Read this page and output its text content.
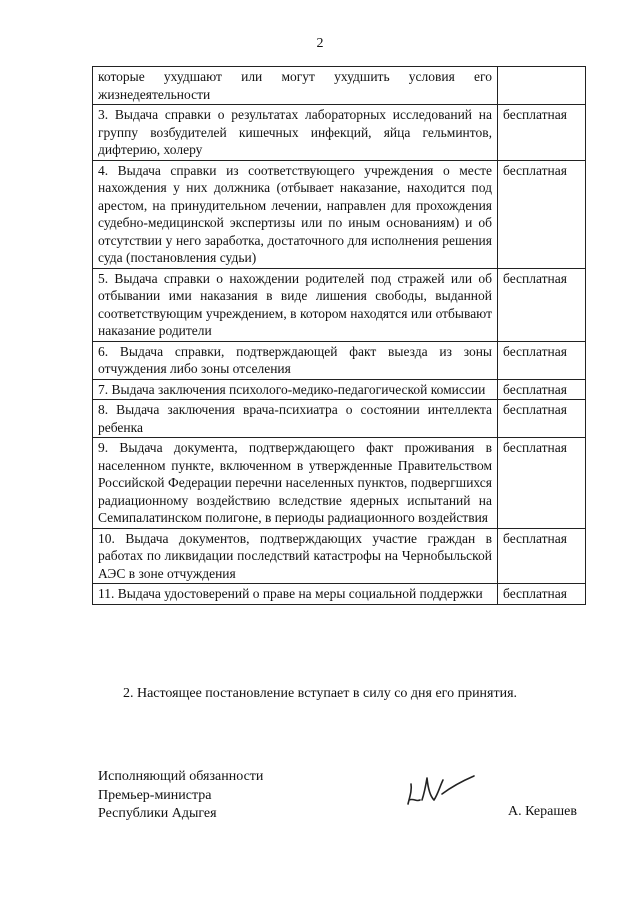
2
которые ухудшают или могут ухудшить условия его жизнедеятельности	
3. Выдача справки о результатах лабораторных исследований на группу возбудителей кишечных инфекций, яйца гельминтов, дифтерию, холеру	бесплатная
4. Выдача справки из соответствующего учреждения о месте нахождения у них должника (отбывает наказание, находится под арестом, на принудительном лечении, направлен для прохождения судебно-медицинской экспертизы или по иным основаниям) и об отсутствии у него заработка, достаточного для исполнения решения суда (постановления судьи)	бесплатная
5. Выдача справки о нахождении родителей под стражей или об отбывании ими наказания в виде лишения свободы, выданной соответствующим учреждением, в котором находятся или отбывают наказание родители	бесплатная
6. Выдача справки, подтверждающей факт выезда из зоны отчуждения либо зоны отселения	бесплатная
7. Выдача заключения психолого-медико-педагогической комиссии	бесплатная
8. Выдача заключения врача-психиатра о состоянии интеллекта ребенка	бесплатная
9. Выдача документа, подтверждающего факт проживания в населенном пункте, включенном в утвержденные Правительством Российской Федерации перечни населенных пунктов, подвергшихся радиационному воздействию вследствие ядерных испытаний на Семипалатинском полигоне, в периоды радиационного воздействия	бесплатная
10. Выдача документов, подтверждающих участие граждан в работах по ликвидации последствий катастрофы на Чернобыльской АЭС в зоне отчуждения	бесплатная
11. Выдача удостоверений о праве на меры социальной поддержки	бесплатная
2. Настоящее постановление вступает в силу со дня его принятия.
Исполняющий обязанности
Премьер-министра
Республики Адыгея	А. Керашев
